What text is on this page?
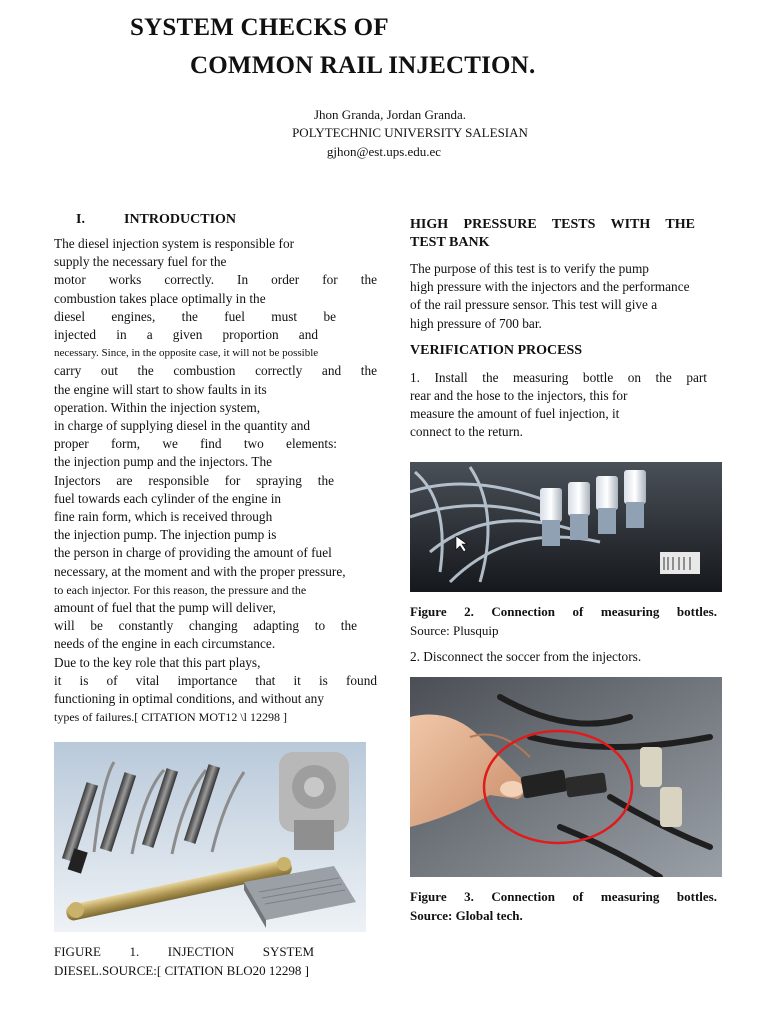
SYSTEM CHECKS OF
COMMON RAIL INJECTION.
Jhon Granda, Jordan Granda.
POLYTECHNIC UNIVERSITY SALESIAN
gjhon@est.ups.edu.ec
I.	INTRODUCTION
The diesel injection system is responsible for
supply the necessary fuel for the
motor works correctly. In order for the
combustion takes place optimally in the
diesel engines, the fuel must be
injected in a given proportion and
necessary. Since, in the opposite case, it will not be possible
carry out the combustion correctly and the
the engine will start to show faults in its
operation. Within the injection system,
in charge of supplying diesel in the quantity and
proper form, we find two elements:
the injection pump and the injectors. The
Injectors are responsible for spraying the
fuel towards each cylinder of the engine in
fine rain form, which is received through
the injection pump. The injection pump is
the person in charge of providing the amount of fuel
necessary, at the moment and with the proper pressure,
to each injector. For this reason, the pressure and the
amount of fuel that the pump will deliver,
will be constantly changing adapting to the
needs of the engine in each circumstance.
Due to the key role that this part plays,
it is of vital importance that it is found
functioning in optimal conditions, and without any
types of failures.[ CITATION MOT12 \l 12298 ]
FIGURE 1. INJECTION SYSTEM
DIESEL.SOURCE:[ CITATION BLO20 12298 ]
HIGH PRESSURE TESTS WITH THE
TEST BANK
The purpose of this test is to verify the pump
high pressure with the injectors and the performance
of the rail pressure sensor. This test will give a
high pressure of 700 bar.
VERIFICATION PROCESS
1. Install the measuring bottle on the part
rear and the hose to the injectors, this for
measure the amount of fuel injection, it
connect to the return.
Figure 2. Connection of measuring bottles.
Source: Plusquip
2. Disconnect the soccer from the injectors.
Figure 3. Connection of measuring bottles.
Source: Global tech.
